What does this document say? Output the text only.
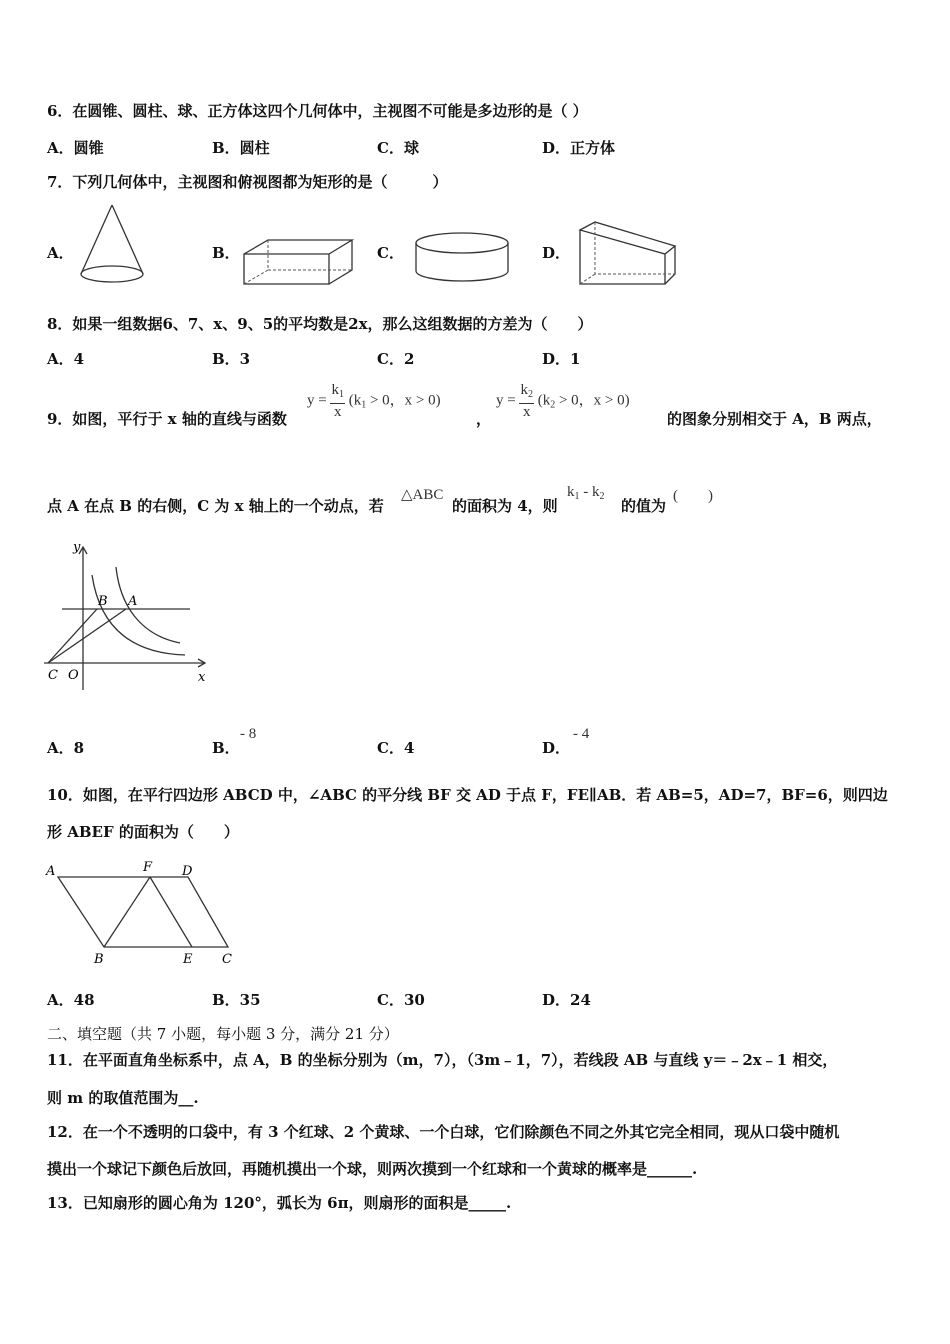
6．在圆锥、圆柱、球、正方体这四个几何体中，主视图不可能是多边形的是（ ）
A．圆锥	B．圆柱	C．球	D．正方体
7．下列几何体中，主视图和俯视图都为矩形的是（　　　）
A．	B．	C．	D．
8．如果一组数据6、7、x、9、5的平均数是2x，那么这组数据的方差为（　　）
A．4	B．3	C．2	D．1
9．如图，平行于 x 轴的直线与函数
$y = \frac{k_1}{x} (k_1 > 0$，x > 0)
，
$y = \frac{k_2}{x} (k_2 > 0$，x > 0)
的图象分别相交于 A，B 两点，
点 A 在点 B 的右侧，C 为 x 轴上的一个动点，若
△ABC
的面积为 4，则
$k_1 - k_2$
的值为
(　　)
y
x
B A
C O
A．8	B．
- 8
C．4	D．
- 4
10．如图，在平行四边形 ABCD 中，∠ABC 的平分线 BF 交 AD 于点 F，FE∥AB．若 AB=5，AD=7，BF=6，则四边
形 ABEF 的面积为（　　）
A	F D
B	E C
A．48	B．35	C．30	D．24
二、填空题（共 7 小题，每小题 3 分，满分 21 分）
11．在平面直角坐标系中，点 A，B 的坐标分别为（m，7），（3m﹣1，7），若线段 AB 与直线 y＝﹣2x﹣1 相交，
则 m 的取值范围为__.
12．在一个不透明的口袋中，有 3 个红球、2 个黄球、一个白球，它们除颜色不同之外其它完全相同，现从口袋中随机
摸出一个球记下颜色后放回，再随机摸出一个球，则两次摸到一个红球和一个黄球的概率是______.
13．已知扇形的圆心角为 120°，弧长为 6π，则扇形的面积是_____.
